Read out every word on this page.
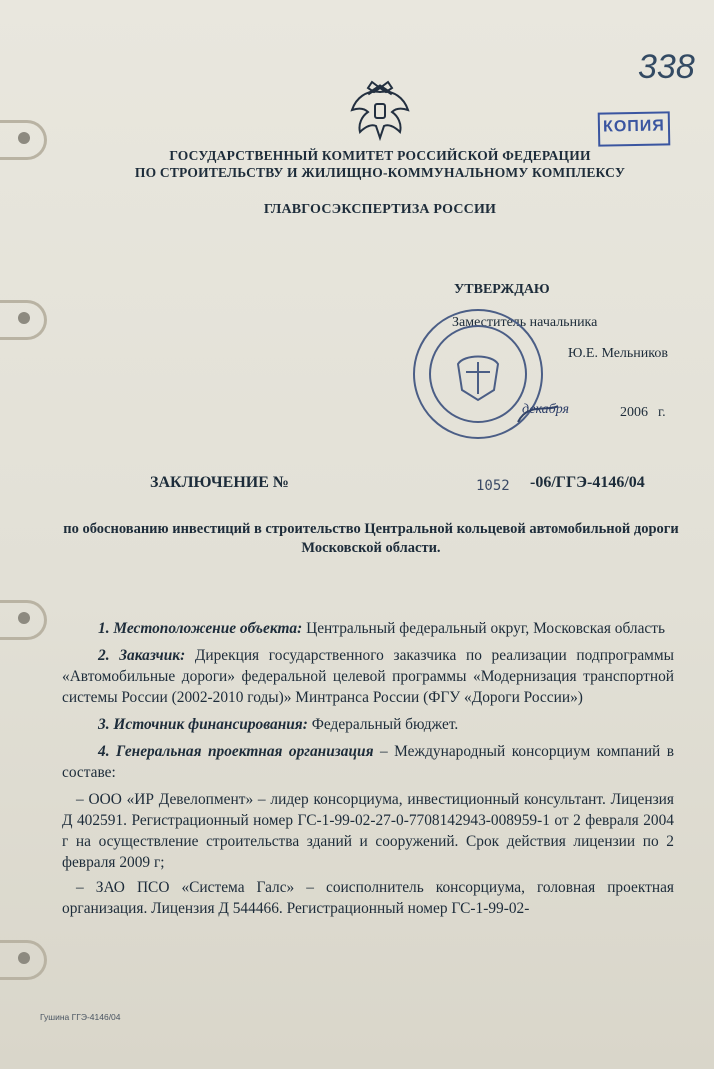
338
КОПИЯ
ГОСУДАРСТВЕННЫЙ КОМИТЕТ РОССИЙСКОЙ ФЕДЕРАЦИИ
ПО СТРОИТЕЛЬСТВУ И ЖИЛИЩНО-КОММУНАЛЬНОМУ КОМПЛЕКСУ
ГЛАВГОСЭКСПЕРТИЗА РОССИИ
УТВЕРЖДАЮ
Заместитель начальника
Ю.Е. Мельников
декабря	2006 г.
ЗАКЛЮЧЕНИЕ №	1052 -06/ГГЭ-4146/04
по обоснованию инвестиций в строительство Центральной кольцевой автомобильной дороги Московской области.

1. Местоположение объекта: Центральный федеральный округ, Московская область

2. Заказчик: Дирекция государственного заказчика по реализации подпрограммы «Автомобильные дороги» федеральной целевой программы «Модернизация транспортной системы России (2002-2010 годы)» Минтранса России (ФГУ «Дороги России»)

3. Источник финансирования: Федеральный бюджет.

4. Генеральная проектная организация – Международный консорциум компаний в составе:

– ООО «ИР Девелопмент» – лидер консорциума, инвестиционный консультант. Лицензия Д 402591. Регистрационный номер ГС-1-99-02-27-0-7708142943-008959-1 от 2 февраля 2004 г на осуществление строительства зданий и сооружений. Срок действия лицензии по 2 февраля 2009 г;

– ЗАО ПСО «Система Галс» – соисполнитель консорциума, головная проектная организация. Лицензия Д 544466. Регистрационный номер ГС-1-99-02-

Гушина ГГЭ-4146/04
